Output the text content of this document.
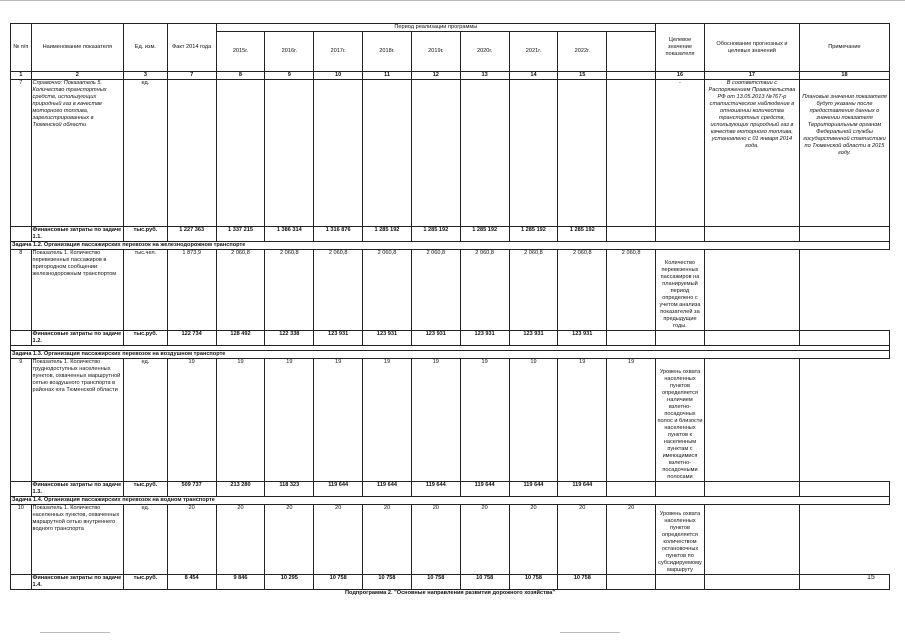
№ п/п	Наименование показателя	Ед. изм.	Факт 2014 года	Период реализации программы									Целевое значение показателя	Обоснование прогнозных и целевых значений	Примечание
				2015г.	2016г.	2017г.	2018г.	2019г.	2020г.	2021г.	2022г.				
1	2	3	7	8	9	10	11	12	13	14	15		16	17	18
7	Справочно: Показатель 5. Количество транспортных средств, использующих природный газ в качестве моторного топлива, зарегистрированных в Тюменской области	ед.											-	В соответствии с Распоряжением Правительства РФ от 13.05.2013 №767-р статистическое наблюдение в отношении количества транспортных средств, использующих природный газ в качестве моторного топлива, установлено с 01 января 2014 года.	Плановые значения показателя будут указаны после предоставления данных о значении показателя Территориальным органом Федеральной службы государственной статистики по Тюменской области в 2015 году.
	Финансовые затраты по задаче 1.1.	тыс.руб.	1 227 363	1 337 215	1 386 314	1 316 876	1 285 192	1 285 192	1 285 192	1 285 192	1 285 192				
Задача 1.2. Организация пассажирских перевозок на железнодорожном транспорте															
8	Показатель 1. Количество перевезенных пассажиров в пригородном сообщении железнодорожным транспортом	тыс.чел.	1 873,9	2 060,8	2 060,8	2 060,8	2 060,8	2 060,8	2 060,8	2 060,8	2 060,8	2 060,8	Количество перевезенных пассажиров на планируемый период определено с учетом анализа показателей за предыдущие годы.		
	Финансовые затраты по задаче 1.2.	тыс.руб.	122 734	128 492	122 338	123 931	123 931	123 931	123 931	123 931	123 931				

Задача 1.3. Организация пассажирских перевозок на воздушном транспорте															
9	Показатель 1. Количество труднодоступных населенных пунктов, охваченных маршрутной сетью воздушного транспорта в районах юга Тюменской области	ед.	19	19	19	19	19	19	19	19	19	19	Уровень охвата населенных пунктов определяется наличием взлетно-посадочных полос и близости населенных пунктов к населенным пунктам с имеющимися взлетно-посадочными полосами		
	Финансовые затраты по задаче 1.3.	тыс.руб.	509 737	213 280	118 323	119 644	119 644	119 644	119 644	119 644	119 644				
Задача 1.4. Организация пассажирских перевозок на водном транспорте															
10	Показатель 1. Количество населенных пунктов, охваченных маршрутной сетью внутреннего водного транспорта	ед.	20	20	20	20	20	20	20	20	20	20	Уровень охвата населенных пунктов определяется количеством остановочных пунктов по субсидируемому маршруту		
	Финансовые затраты по задаче 1.4.	тыс.руб.	8 454	9 846	10 295	10 758	10 758	10 758	10 758	10 758	10 758				
Подпрограмма 2. "Основные направления развития дорожного хозяйства"															
15
